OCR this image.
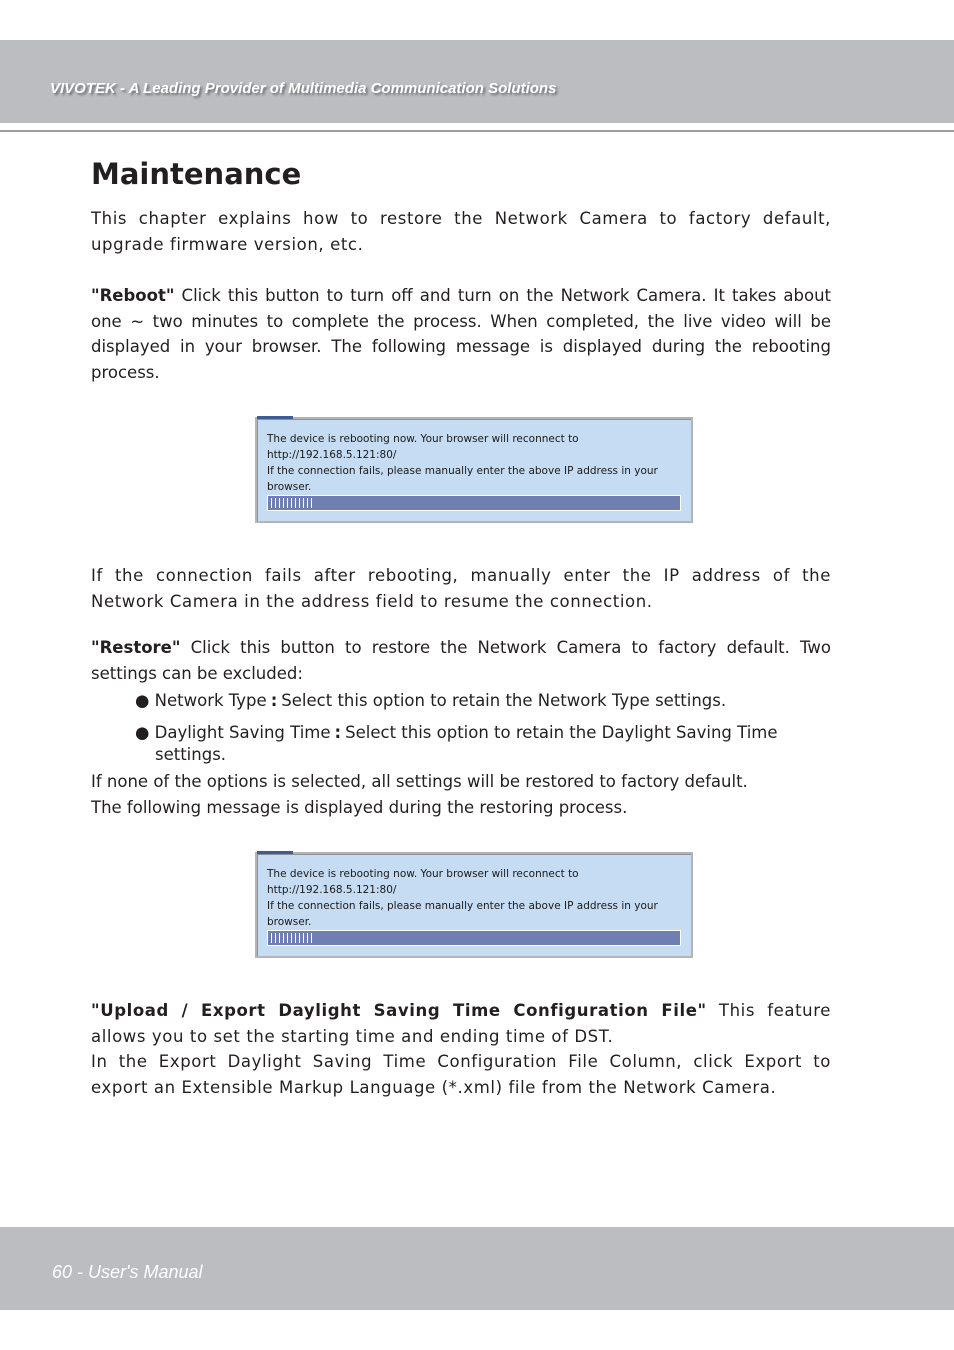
VIVOTEK - A Leading Provider of Multimedia Communication Solutions
Maintenance

This chapter explains how to restore the Network Camera to factory default, upgrade firmware version, etc.

"Reboot" Click this button to turn off and turn on the Network Camera. It takes about one ~ two minutes to complete the process. When completed, the live video will be displayed in your browser. The following message is displayed during the rebooting process.

The device is rebooting now. Your browser will reconnect to
http://192.168.5.121:80/
If the connection fails, please manually enter the above IP address in your
browser.

If the connection fails after rebooting, manually enter the IP address of the Network Camera in the address field to resume the connection.

"Restore" Click this button to restore the Network Camera to factory default. Two settings can be excluded:

● Network Type : Select this option to retain the Network Type settings.
● Daylight Saving Time : Select this option to retain the Daylight Saving Time
settings.

If none of the options is selected, all settings will be restored to factory default.

The following message is displayed during the restoring process.

The device is rebooting now. Your browser will reconnect to
http://192.168.5.121:80/
If the connection fails, please manually enter the above IP address in your
browser.

"Upload / Export Daylight Saving Time Configuration File" This feature allows you to set the starting time and ending time of DST.

In the Export Daylight Saving Time Configuration File Column, click Export to export an Extensible Markup Language (*.xml) file from the Network Camera.

60 - User's Manual
